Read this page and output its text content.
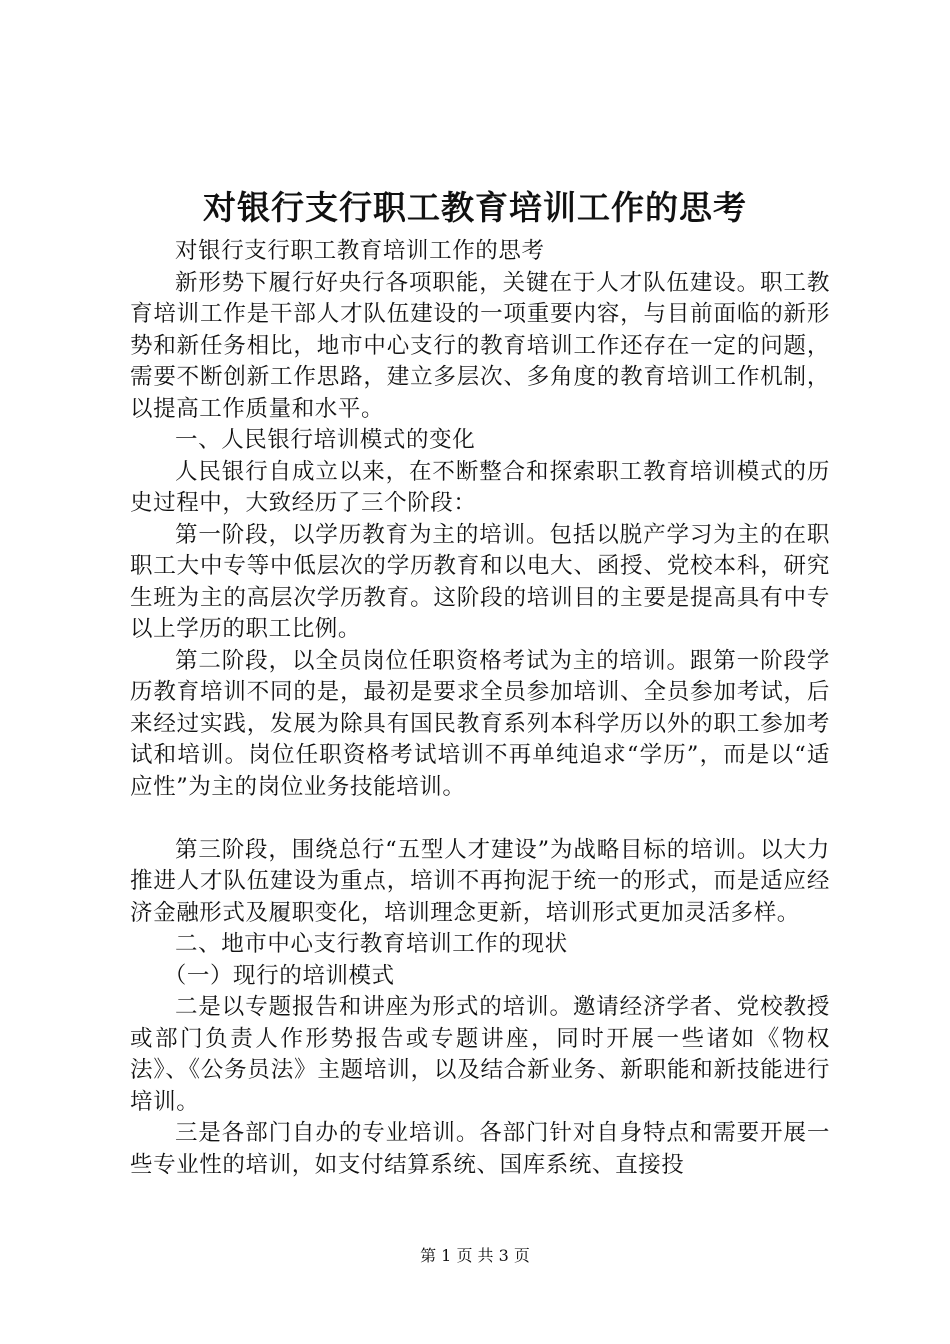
对银行支行职工教育培训工作的思考

对银行支行职工教育培训工作的思考

新形势下履行好央行各项职能，关键在于人才队伍建设。职工教育培训工作是干部人才队伍建设的一项重要内容，与目前面临的新形势和新任务相比，地市中心支行的教育培训工作还存在一定的问题，需要不断创新工作思路，建立多层次、多角度的教育培训工作机制，以提高工作质量和水平。

一、人民银行培训模式的变化

人民银行自成立以来，在不断整合和探索职工教育培训模式的历史过程中，大致经历了三个阶段：

第一阶段，以学历教育为主的培训。包括以脱产学习为主的在职职工大中专等中低层次的学历教育和以电大、函授、党校本科，研究生班为主的高层次学历教育。这阶段的培训目的主要是提高具有中专以上学历的职工比例。

第二阶段，以全员岗位任职资格考试为主的培训。跟第一阶段学历教育培训不同的是，最初是要求全员参加培训、全员参加考试，后来经过实践，发展为除具有国民教育系列本科学历以外的职工参加考试和培训。岗位任职资格考试培训不再单纯追求“学历”，而是以“适应性”为主的岗位业务技能培训。

第三阶段，围绕总行“五型人才建设”为战略目标的培训。以大力推进人才队伍建设为重点，培训不再拘泥于统一的形式，而是适应经济金融形式及履职变化，培训理念更新，培训形式更加灵活多样。

二、地市中心支行教育培训工作的现状

（一）现行的培训模式

二是以专题报告和讲座为形式的培训。邀请经济学者、党校教授或部门负责人作形势报告或专题讲座，同时开展一些诸如《物权法》、《公务员法》主题培训，以及结合新业务、新职能和新技能进行培训。

三是各部门自办的专业培训。各部门针对自身特点和需要开展一些专业性的培训，如支付结算系统、国库系统、直接投

第 1 页 共 3 页
